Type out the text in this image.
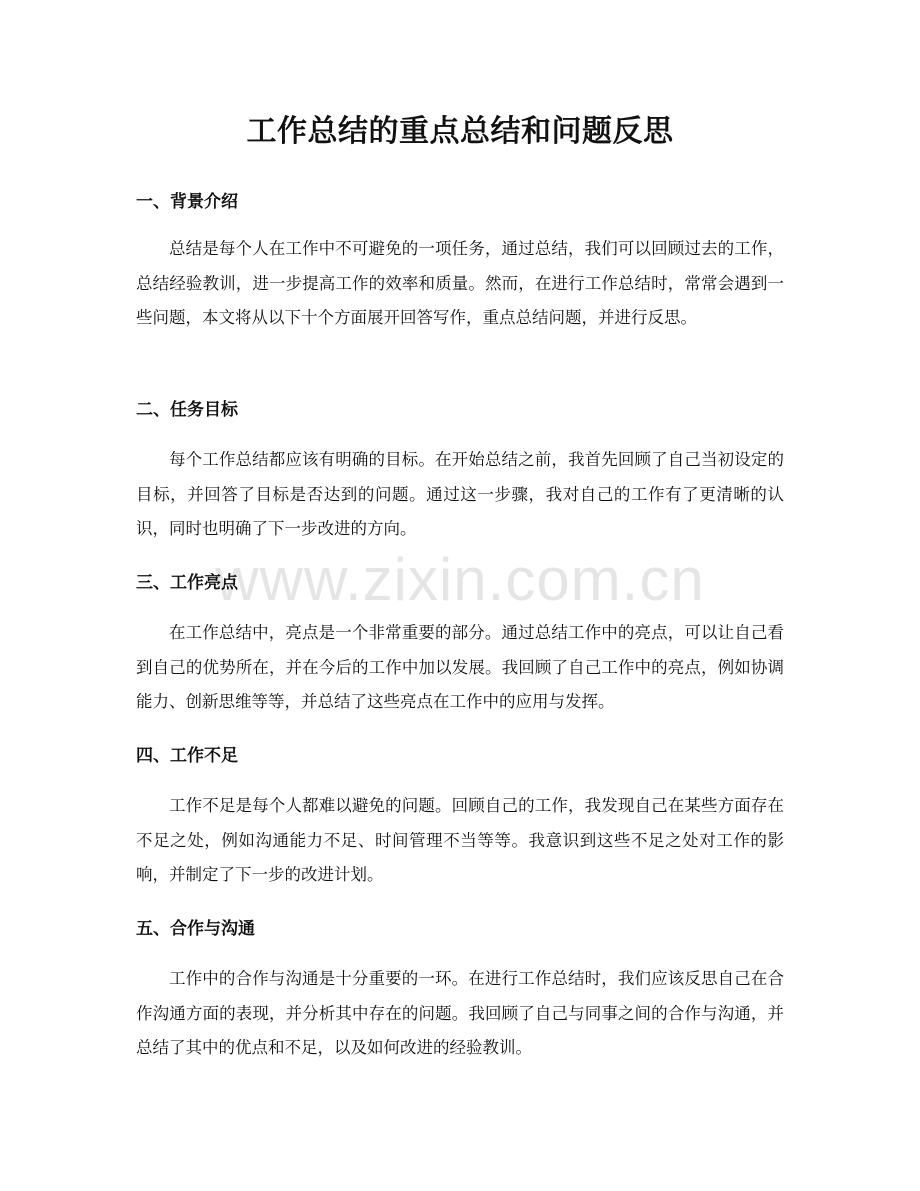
工作总结的重点总结和问题反思
一、背景介绍

总结是每个人在工作中不可避免的一项任务，通过总结，我们可以回顾过去的工作，总结经验教训，进一步提高工作的效率和质量。然而，在进行工作总结时，常常会遇到一些问题，本文将从以下十个方面展开回答写作，重点总结问题，并进行反思。

二、任务目标

每个工作总结都应该有明确的目标。在开始总结之前，我首先回顾了自己当初设定的目标，并回答了目标是否达到的问题。通过这一步骤，我对自己的工作有了更清晰的认识，同时也明确了下一步改进的方向。

三、工作亮点

在工作总结中，亮点是一个非常重要的部分。通过总结工作中的亮点，可以让自己看到自己的优势所在，并在今后的工作中加以发展。我回顾了自己工作中的亮点，例如协调能力、创新思维等等，并总结了这些亮点在工作中的应用与发挥。

四、工作不足

工作不足是每个人都难以避免的问题。回顾自己的工作，我发现自己在某些方面存在不足之处，例如沟通能力不足、时间管理不当等等。我意识到这些不足之处对工作的影响，并制定了下一步的改进计划。

五、合作与沟通

工作中的合作与沟通是十分重要的一环。在进行工作总结时，我们应该反思自己在合作沟通方面的表现，并分析其中存在的问题。我回顾了自己与同事之间的合作与沟通，并总结了其中的优点和不足，以及如何改进的经验教训。

www.zixin.com.cn
